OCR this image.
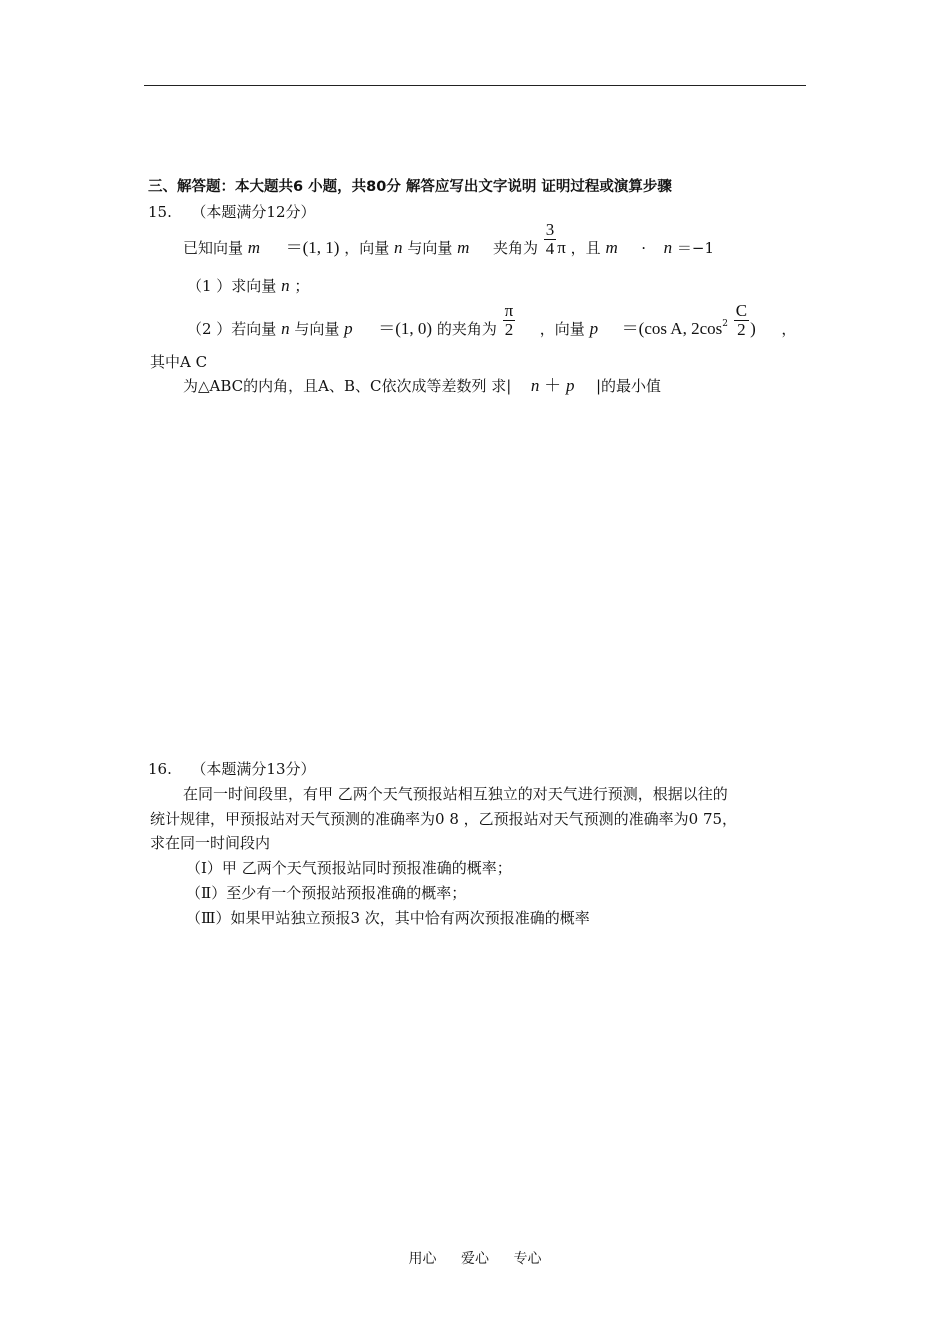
三、解答题：本大题共6 小题，共80分 解答应写出文字说明 证明过程或演算步骤
15. （本题满分12分）
已知向量 m ＝(1, 1) ，向量 n 与向量 m 夹角为 $\frac{3}{4}$ π ，且 m · n ＝−1
（1 ）求向量 n ；
（2 ）若向量 n 与向量 p ＝(1, 0) 的夹角为 $\frac{\pi}{2}$ ，向量 p ＝(cos A, $2\cos^2 \frac{C}{2}$ ) ，
其中A C
为△ABC的内角，且A、B、C依次成等差数列 求| n ＋ p |的最小值
16. （本题满分13分）
在同一时间段里，有甲 乙两个天气预报站相互独立的对天气进行预测，根据以往的
统计规律，甲预报站对天气预测的准确率为0 8 ，乙预报站对天气预测的准确率为0 75，
求在同一时间段内
（Ⅰ）甲 乙两个天气预报站同时预报准确的概率；
（Ⅱ）至少有一个预报站预报准确的概率；
（Ⅲ）如果甲站独立预报3 次，其中恰有两次预报准确的概率
用心 爱心 专心
